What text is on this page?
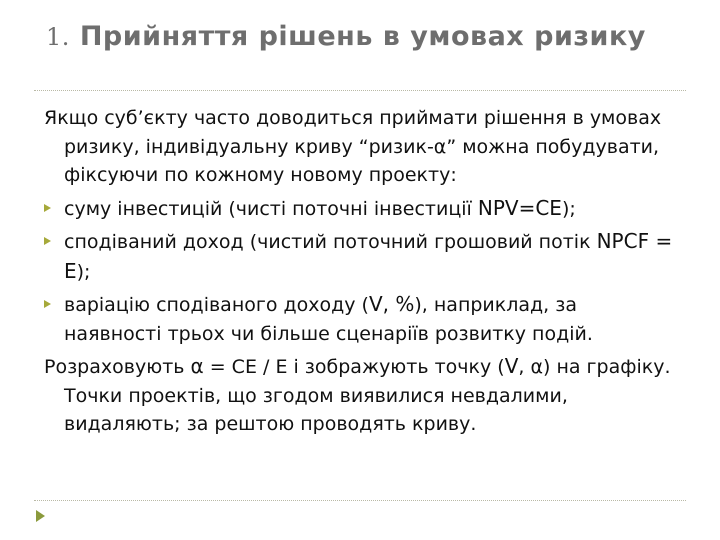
1. Прийняття рішень в умовах ризику

Якщо суб’єкту часто доводиться приймати рішення в умовах ризику, індивідуальну криву “ризик-α” можна побудувати, фіксуючи по кожному новому проекту:

суму інвестицій (чисті поточні інвестиції NPV=CE);
сподіваний доход (чистий поточний грошовий потік NPCF = E);
варіацію сподіваного доходу (V, %), наприклад, за наявності трьох чи більше сценаріїв розвитку подій.

Розраховують α = CE / E і зображують точку (V, α) на графіку. Точки проектів, що згодом виявилися невдалими, видаляють; за рештою проводять криву.
